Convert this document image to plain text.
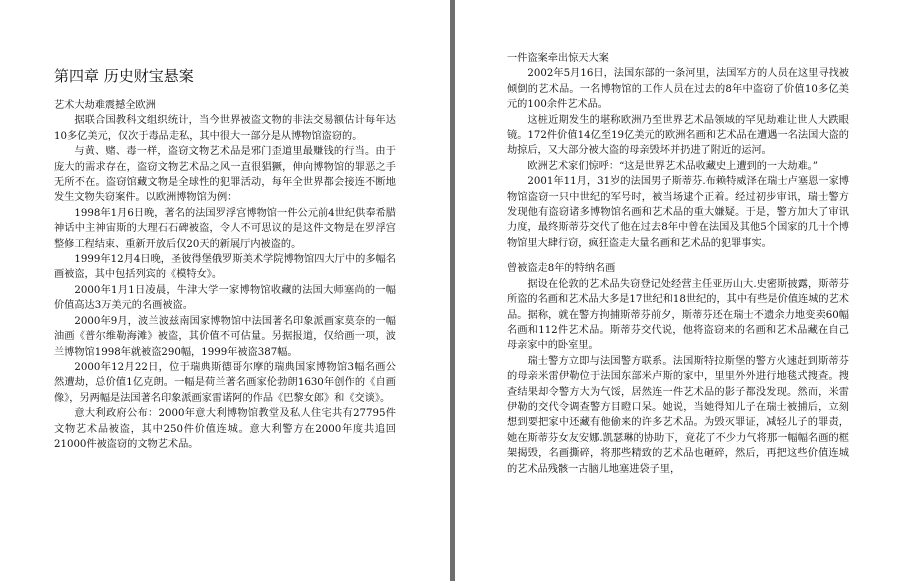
第四章 历史财宝悬案
艺术大劫难震撼全欧洲

据联合国教科文组织统计，当今世界被盗文物的非法交易额估计每年达10多亿美元，仅次于毒品走私，其中很大一部分是从博物馆盗窃的。

与黄、赌、毒一样，盗窃文物艺术品是邪门歪道里最赚钱的行当。由于庞大的需求存在，盗窃文物艺术品之风一直很猖獗，伸向博物馆的罪恶之手无所不在。盗窃馆藏文物是全球性的犯罪活动，每年全世界都会接连不断地发生文物失窃案件。以欧洲博物馆为例：

1998年1月6日晚，著名的法国罗浮宫博物馆一件公元前4世纪供奉希腊神话中主神宙斯的大理石石碑被盗，令人不可思议的是这件文物是在罗浮宫整修工程结束、重新开放后仅20天的新展厅内被盗的。

1999年12月4日晚，圣彼得堡俄罗斯美术学院博物馆四大厅中的多幅名画被盗，其中包括列宾的《模特女》。

2000年1月1日凌晨，牛津大学一家博物馆收藏的法国大师塞尚的一幅价值高达3万美元的名画被盗。

2000年9月，波兰波兹南国家博物馆中法国著名印象派画家莫奈的一幅油画《普尔维勒海滩》被盗，其价值不可估量。另据报道，仅给画一项，波兰博物馆1998年就被盗290幅，1999年被盗387幅。

2000年12月22日，位于瑞典斯德哥尔摩的瑞典国家博物馆3幅名画公然遭劫，总价值1亿克朗。一幅是荷兰著名画家伦勃朗1630年创作的《自画像》，另两幅是法国著名印象派画家雷诺阿的作品《巴黎女郎》和《交谈》。

意大利政府公布：2000年意大利博物馆教堂及私人住宅共有27795件文物艺术品被盗，其中250件价值连城。意大利警方在2000年度共追回21000件被盗窃的文物艺术品。

一件盗案牵出惊天大案

2002年5月16日，法国东部的一条河里，法国军方的人员在这里寻找被倾倒的艺术品。一名博物馆的工作人员在过去的8年中盗窃了价值10多亿美元的100余件艺术品。

这桩近期发生的堪称欧洲乃至世界艺术品领域的罕见劫难让世人大跌眼镜。172件价值14亿至19亿美元的欧洲名画和艺术品在遭遇一名法国大盗的劫掠后，又大部分被大盗的母亲毁坏并扔进了附近的运河。

欧洲艺术家们惊呼：“这是世界艺术品收藏史上遭到的一大劫难。”

2001年11月，31岁的法国男子斯蒂芬.布赖特威泽在瑞士卢塞恩一家博物馆盗窃一只中世纪的军号时，被当场逮个正着。经过初步审讯，瑞士警方发现他有盗窃诸多博物馆名画和艺术品的重大嫌疑。于是，警方加大了审讯力度，最终斯蒂芬交代了他在过去8年中曾在法国及其他5个国家的几十个博物馆里大肆行窃，疯狂盗走大量名画和艺术品的犯罪事实。

曾被盗走8年的特纳名画

据设在伦敦的艺术品失窃登记处经营主任亚历山大.史密斯披露，斯蒂芬所盗的名画和艺术品大多是17世纪和18世纪的，其中有些是价值连城的艺术品。据称，就在警方拘捕斯蒂芬前夕，斯蒂芬还在瑞士不遗余力地变卖60幅名画和112件艺术品。斯蒂芬交代说，他将盗窃来的名画和艺术品藏在自己母亲家中的卧室里。

瑞士警方立即与法国警方联系。法国斯特拉斯堡的警方火速赶到斯蒂芬的母亲米雷伊勒位于法国东部米卢斯的家中，里里外外进行地毯式搜查。搜查结果却令警方大为气馁，居然连一件艺术品的影子都没发现。然而，米雷伊勒的交代令调查警方目瞪口呆。她说，当她得知儿子在瑞士被捕后，立刻想到要把家中还藏有他偷来的许多艺术品。为毁灭罪证，减轻儿子的罪责，她在斯蒂芬女友安娜.凯瑟琳的协助下，竟花了不少力气将那一幅幅名画的框架揭毁，名画撕碎，将那些精致的艺术品也砸碎，然后，再把这些价值连城的艺术品残骸一古脑儿地塞进袋子里，
